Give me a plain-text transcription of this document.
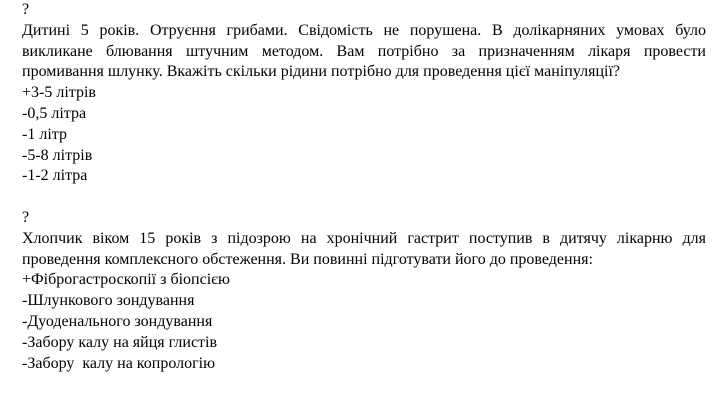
?

Дитині 5 років. Отруєння грибами. Свідомість не порушена. В долікарняних умовах було викликане блювання штучним методом. Вам потрібно за призначенням лікаря провести промивання шлунку. Вкажіть скільки рідини потрібно для проведення цієї маніпуляції?

+3-5 літрів
-0,5 літра
-1 літр
-5-8 літрів
-1-2 літра
?

Хлопчик віком 15 років з підозрою на хронічний гастрит поступив в дитячу лікарню для проведення комплексного обстеження. Ви повинні підготувати його до проведення:

+Фіброгастроскопії з біопсією
-Шлункового зондування
-Дуоденального зондування
-Забору калу на яйця глистів
-Забору  калу на копрологію
